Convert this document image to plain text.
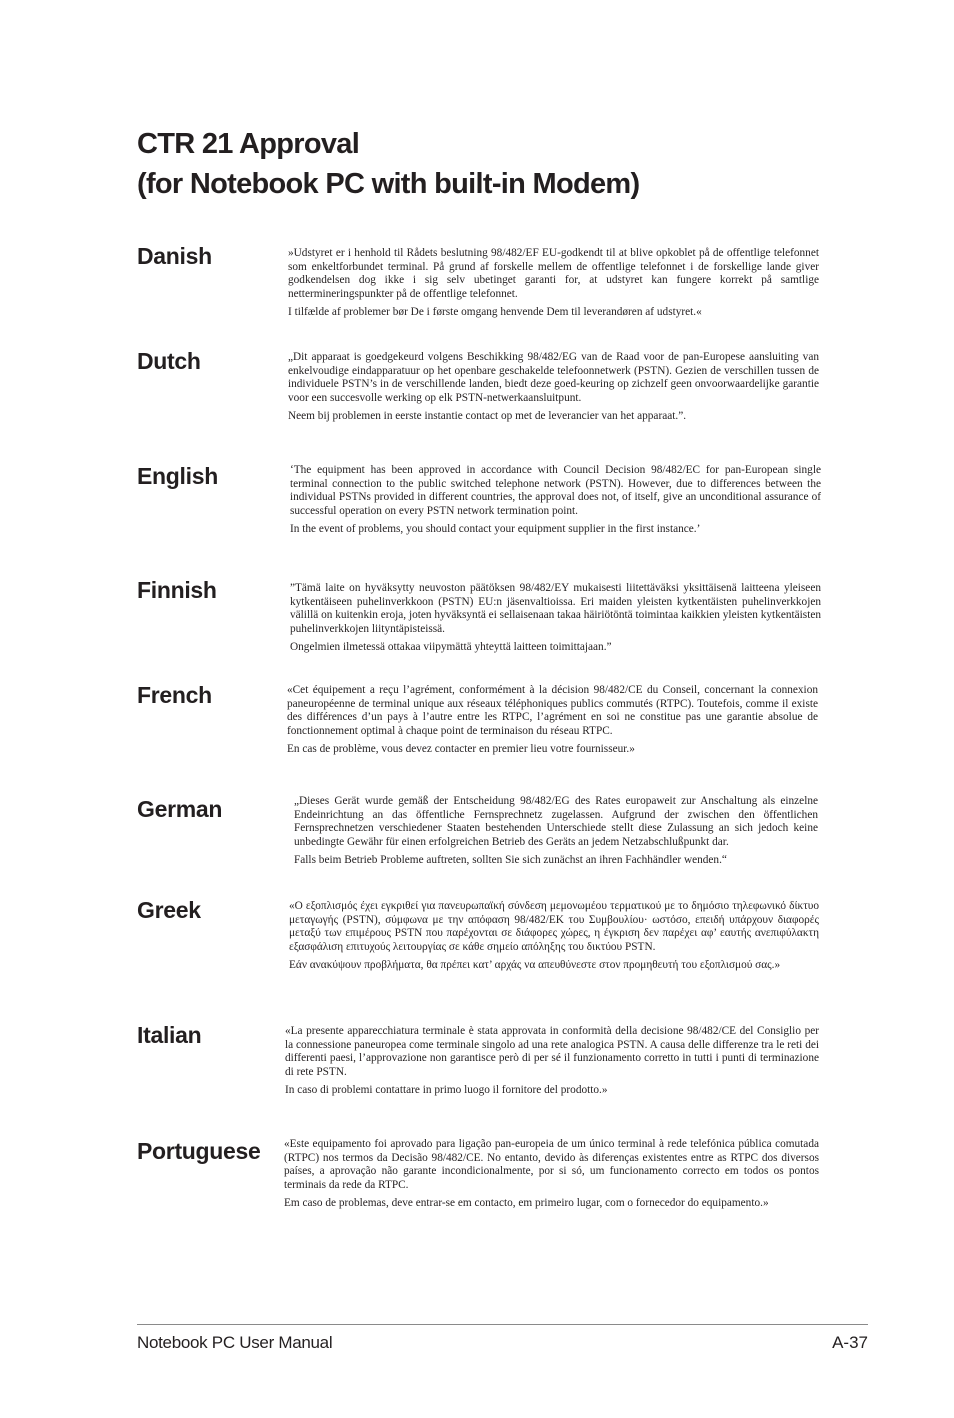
CTR 21 Approval
(for Notebook PC with built-in Modem)
Danish	»Udstyret er i henhold til Rådets beslutning 98/482/EF EU-godkendt til at blive opkoblet på de offentlige telefonnet som enkeltforbundet terminal. På grund af forskelle mellem de offentlige telefonnet i de forskellige lande giver godkendelsen dog ikke i sig selv ubetinget garanti for, at udstyret kan fungere korrekt på samtlige nettermineringspunkter på de offentlige telefonnet.

I tilfælde af problemer bør De i første omgang henvende Dem til leverandøren af udstyret.«

Dutch	„Dit apparaat is goedgekeurd volgens Beschikking 98/482/EG van de Raad voor de pan-Europese aansluiting van enkelvoudige eindapparatuur op het openbare geschakelde telefoonnetwerk (PSTN). Gezien de verschillen tussen de individuele PSTN’s in de verschillende landen, biedt deze goed-keuring op zichzelf geen onvoorwaardelijke garantie voor een succesvolle werking op elk PSTN-netwerkaansluitpunt.

Neem bij problemen in eerste instantie contact op met de leverancier van het apparaat.”.

English	‘The equipment has been approved in accordance with Council Decision 98/482/EC for pan-European single terminal connection to the public switched telephone network (PSTN). However, due to differences between the individual PSTNs provided in different countries, the approval does not, of itself, give an unconditional assurance of successful operation on every PSTN network termination point.

In the event of problems, you should contact your equipment supplier in the first instance.’

Finnish	”Tämä laite on hyväksytty neuvoston päätöksen 98/482/EY mukaisesti liitettäväksi yksittäisenä laitteena yleiseen kytkentäiseen puhelinverkkoon (PSTN) EU:n jäsenvaltioissa. Eri maiden yleisten kytkentäisten puhelinverkkojen välillä on kuitenkin eroja, joten hyväksyntä ei sellaisenaan takaa häiriötöntä toimintaa kaikkien yleisten kytkentäisten puhelinverkkojen liityntäpisteissä.

Ongelmien ilmetessä ottakaa viipymättä yhteyttä laitteen toimittajaan.”

French	«Cet équipement a reçu l’agrément, conformément à la décision 98/482/CE du Conseil, concernant la connexion paneuropéenne de terminal unique aux réseaux téléphoniques publics commutés (RTPC). Toutefois, comme il existe des différences d’un pays à l’autre entre les RTPC, l’agrément en soi ne constitue pas une garantie absolue de fonctionnement optimal à chaque point de terminaison du réseau RTPC.

En cas de problème, vous devez contacter en premier lieu votre fournisseur.»

German	„Dieses Gerät wurde gemäß der Entscheidung 98/482/EG des Rates europaweit zur Anschaltung als einzelne Endeinrichtung an das öffentliche Fernsprechnetz zugelassen. Aufgrund der zwischen den öffentlichen Fernsprechnetzen verschiedener Staaten bestehenden Unterschiede stellt diese Zulassung an sich jedoch keine unbedingte Gewähr für einen erfolgreichen Betrieb des Geräts an jedem Netzabschlußpunkt dar.

Falls beim Betrieb Probleme auftreten, sollten Sie sich zunächst an ihren Fachhändler wenden.“

Greek	«Ο εξοπλισμός έχει εγκριθεί για πανευρωπαϊκή σύνδεση μεμονωμέου τερματικού με το δημόσιο τηλεφωνικό δίκτυο μεταγωγής (PSTN), σύμφωνα με την απόφαση 98/482/ΕΚ του Συμβουλίου· ωστόσο, επειδή υπάρχουν διαφορές μεταξύ των επιμέρους PSTN που παρέχονται σε διάφορες χώρες, η έγκριση δεν παρέχει αφ’ εαυτής ανεπιφύλακτη εξασφάλιση επιτυχούς λειτουργίας σε κάθε σημείο απόληξης του δικτύου PSTN.

Εάν ανακύψουν προβλήματα, θα πρέπει κατ’ αρχάς να απευθύνεστε στον προμηθευτή του εξοπλισμού σας.»

Italian	«La presente apparecchiatura terminale è stata approvata in conformità della decisione 98/482/CE del Consiglio per la connessione paneuropea come terminale singolo ad una rete analogica PSTN. A causa delle differenze tra le reti dei differenti paesi, l’approvazione non garantisce però di per sé il funzionamento corretto in tutti i punti di terminazione di rete PSTN.

In caso di problemi contattare in primo luogo il fornitore del prodotto.»

Portuguese	«Este equipamento foi aprovado para ligação pan-europeia de um único terminal à rede telefónica pública comutada (RTPC) nos termos da Decisão 98/482/CE. No entanto, devido às diferenças existentes entre as RTPC dos diversos países, a aprovação não garante incondicionalmente, por si só, um funcionamento correcto em todos os pontos terminais da rede da RTPC.

Em caso de problemas, deve entrar-se em contacto, em primeiro lugar, com o fornecedor do equipamento.»

Notebook PC User Manual	A-37
